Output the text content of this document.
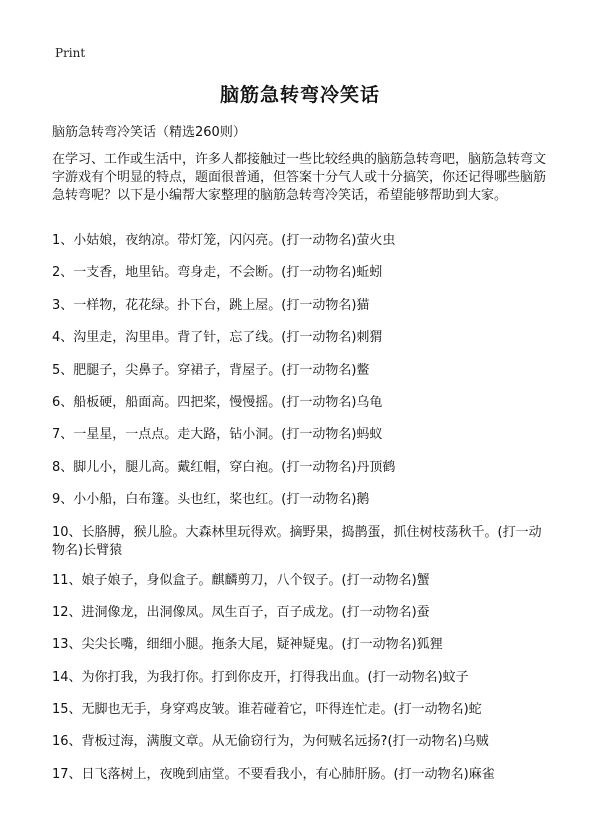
Print
脑筋急转弯冷笑话

脑筋急转弯冷笑话（精选260则）

在学习、工作或生活中，许多人都接触过一些比较经典的脑筋急转弯吧，脑筋急转弯文字游戏有个明显的特点，题面很普通，但答案十分气人或十分搞笑，你还记得哪些脑筋急转弯呢？以下是小编帮大家整理的脑筋急转弯冷笑话，希望能够帮助到大家。

1、小姑娘，夜纳凉。带灯笼，闪闪亮。(打一动物名)萤火虫
2、一支香，地里钻。弯身走，不会断。(打一动物名)蚯蚓
3、一样物，花花绿。扑下台，跳上屋。(打一动物名)猫
4、沟里走，沟里串。背了针，忘了线。(打一动物名)刺猬
5、肥腿子，尖鼻子。穿裙子，背屋子。(打一动物名)鳖
6、船板硬，船面高。四把桨，慢慢摇。(打一动物名)乌龟
7、一星星，一点点。走大路，钻小洞。(打一动物名)蚂蚁
8、脚儿小，腿儿高。戴红帽，穿白袍。(打一动物名)丹顶鹤
9、小小船，白布篷。头也红，桨也红。(打一动物名)鹅
10、长胳膊，猴儿脸。大森林里玩得欢。摘野果，捣鹊蛋，抓住树枝荡秋千。(打一动物名)长臂猿
11、娘子娘子，身似盒子。麒麟剪刀，八个钗子。(打一动物名)蟹
12、进洞像龙，出洞像凤。凤生百子，百子成龙。(打一动物名)蚕
13、尖尖长嘴，细细小腿。拖条大尾，疑神疑鬼。(打一动物名)狐狸
14、为你打我，为我打你。打到你皮开，打得我出血。(打一动物名)蚊子
15、无脚也无手，身穿鸡皮皱。谁若碰着它，吓得连忙走。(打一动物名)蛇
16、背板过海，满腹文章。从无偷窃行为，为何贼名远扬?(打一动物名)乌贼
17、日飞落树上，夜晚到庙堂。不要看我小，有心肺肝肠。(打一动物名)麻雀
